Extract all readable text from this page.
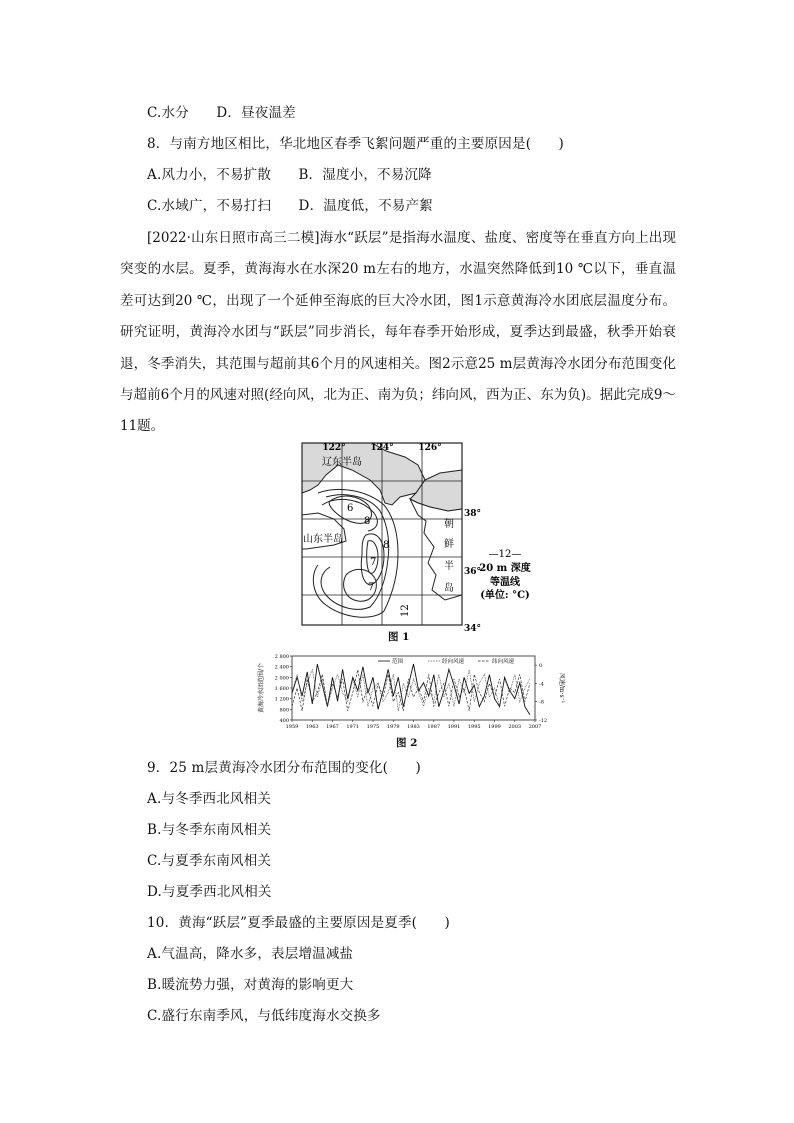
C.水分　　D．昼夜温差
8．与南方地区相比，华北地区春季飞絮问题严重的主要原因是(　　)
A.风力小，不易扩散　　B．湿度小，不易沉降
C.水域广，不易打扫　　D．温度低，不易产絮
[2022·山东日照市高三二模]海水“跃层”是指海水温度、盐度、密度等在垂直方向上出现突变的水层。夏季，黄海海水在水深20 m左右的地方，水温突然降低到10 ℃以下，垂直温差可达到20 ℃，出现了一个延伸至海底的巨大冷水团，图1示意黄海冷水团底层温度分布。研究证明，黄海冷水团与“跃层”同步消长，每年春季开始形成，夏季达到最盛，秋季开始衰退，冬季消失，其范围与超前其6个月的风速相关。图2示意25 m层黄海冷水团分布范围变化与超前6个月的风速对照(经向风，北为正、南为负；纬向风，西为正、东为负)。据此完成9～11题。
122°	124°	126°
38°
36°
34°
辽东半岛
山东半岛
朝
鲜
半
岛
6
8
8
7
7
12
—12—
20 m 深度
等温线
(单位: °C)
图 1
黄海冷水团范围/个	风速/m·s⁻¹
范围	经向风速	纬向风速
1959 1963 1967 1971 1975 1979 1983 1987 1991 1995 1999 2003 2007
2 800
2 400
2 000
1 600
1 200
800
400
0
-4
-8
-12
图 2
9．25 m层黄海冷水团分布范围的变化(　　)
A.与冬季西北风相关
B.与冬季东南风相关
C.与夏季东南风相关
D.与夏季西北风相关
10．黄海“跃层”夏季最盛的主要原因是夏季(　　)
A.气温高，降水多，表层增温减盐
B.暖流势力强，对黄海的影响更大
C.盛行东南季风，与低纬度海水交换多
